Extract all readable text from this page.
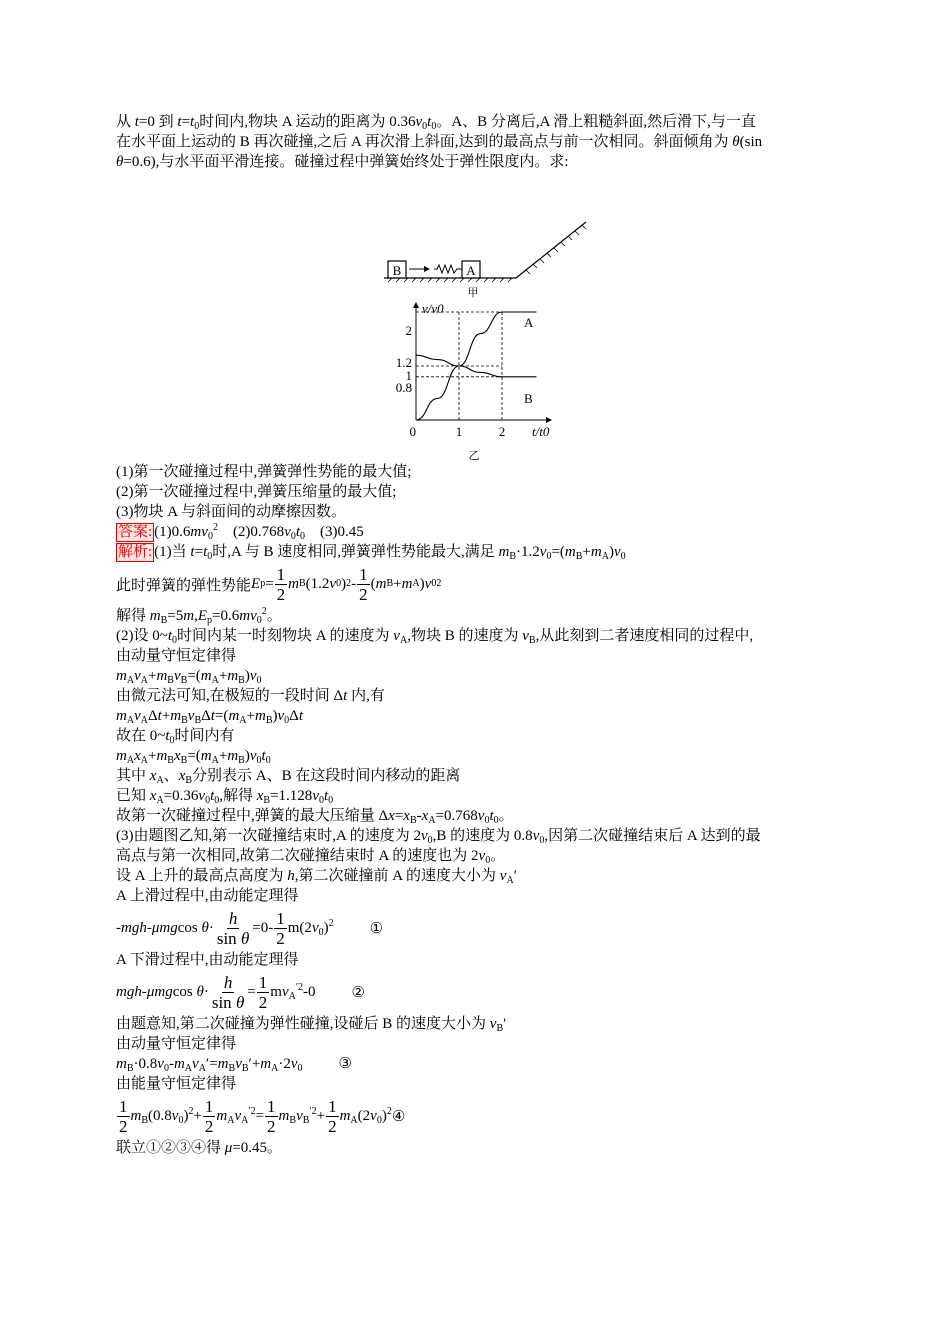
从 t=0 到 $t=t_0$时间内,物块 A 运动的距离为 $0.36v_0t_0$。A、B 分离后,A 滑上粗糙斜面,然后滑下,与一直
在水平面上运动的 B 再次碰撞,之后 A 再次滑上斜面,达到的最高点与前一次相同。斜面倾角为 θ(sin
θ=0.6),与水平面平滑连接。碰撞过程中弹簧始终处于弹性限度内。求:
B	A
甲
v/v0
t/t0
0	1	2
2
1.2
1
0.8
A
B
乙
(1)第一次碰撞过程中,弹簧弹性势能的最大值;
(2)第一次碰撞过程中,弹簧压缩量的最大值;
(3)物块 A 与斜面间的动摩擦因数。
答案: $(1)0.6mv_0^2$ $(2)0.768v_0t_0$ (3)0.45
解析: (1)当 $t=t_0$时,A 与 B 速度相同,弹簧弹性势能最大,满足 $m_B\cdot 1.2v_0=(m_B+m_A)v_0$
此时弹簧的弹性势能 E $p = \frac{1}{2}$ m B (1.2 v 0 ) $2 - \frac{1}{2}$ ( m B + m A ) v 0 2
解得 $m_B=5m,E_p=0.6mv_0^2$。
(2)设 $0\sim t_0$时间内某一时刻物块 A 的速度为 $v_A$,物块 B 的速度为 $v_B$,从此刻到二者速度相同的过程中,
由动量守恒定律得
$m_Av_A+m_Bv_B=(m_A+m_B)v_0$
由微元法可知,在极短的一段时间 Δt 内,有
$m_Av_A\Delta t+m_Bv_B\Delta t=(m_A+m_B)v_0\Delta t$
故在 $0\sim t_0$时间内有
$m_Ax_A+m_Bx_B=(m_A+m_B)v_0t_0$
其中 $x_A$、$x_B$分别表示 A、B 在这段时间内移动的距离
已知 $x_A=0.36v_0t_0$,解得 $x_B=1.128v_0t_0$
故第一次碰撞过程中,弹簧的最大压缩量 $\Delta x=x_B-x_A=0.768v_0t_0$。
(3)由题图乙知,第一次碰撞结束时,A 的速度为 $2v_0,B$ 的速度为 $0.8v_0$,因第二次碰撞结束后 A 达到的最
高点与第一次相同,故第二次碰撞结束时 A 的速度也为 $2v_0$。
设 A 上升的最高点高度为 h,第二次碰撞前 A 的速度大小为 $v_A'$
A 上滑过程中,由动能定理得
-mgh-μmgcos $\theta\cdot \frac{h}{\text{sin θ}} =0- \frac{1}{2} m(2v_0)^2$ ①
A 下滑过程中,由动能定理得
mgh-μmgcos $\theta\cdot \frac{h}{\text{sin θ}} = \frac{1}{2} mv_A^{'2}-0$ ②
由题意知,第二次碰撞为弹性碰撞,设碰后 B 的速度大小为 $v_B'$
由动量守恒定律得
$m_B\cdot 0.8v_0-m_Av_A'=m_Bv_B'+m_A\cdot 2v_0$ ③
由能量守恒定律得
$\frac{1}{2} m_B(0.8v_0)^2+ \frac{1}{2} m_Av_A^{'2}= \frac{1}{2} m_Bv_B^{'2}+ \frac{1}{2} m_A(2v_0)^2$ ④
联立①②③④得 μ=0.45。
